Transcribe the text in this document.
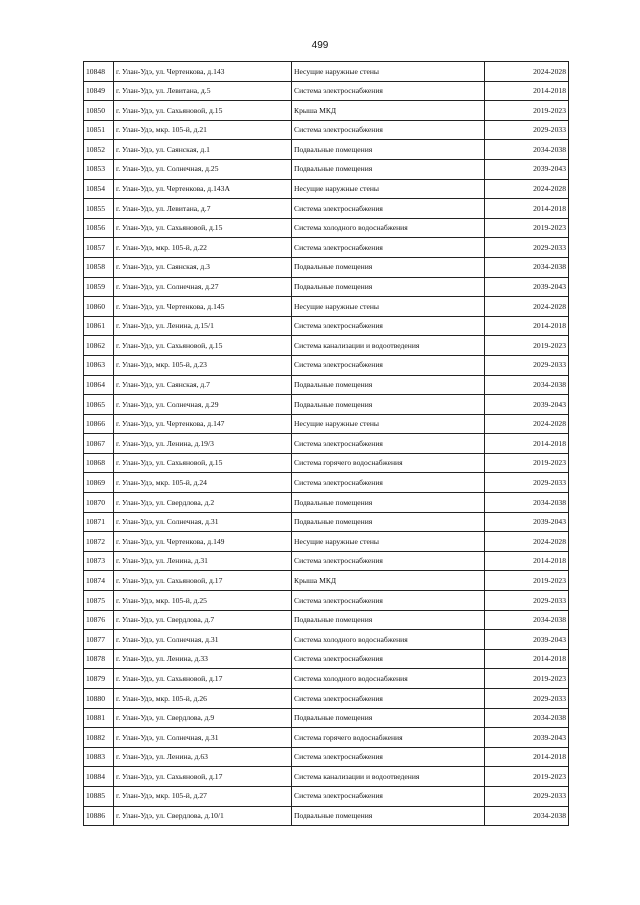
499
10848	г. Улан-Удэ, ул. Чертенкова, д.143	Несущие наружные стены	2024-2028
10849	г. Улан-Удэ, ул. Левитана, д.5	Система электроснабжения	2014-2018
10850	г. Улан-Удэ, ул. Сахьяновой, д.15	Крыша МКД	2019-2023
10851	г. Улан-Удэ, мкр. 105-й, д.21	Система электроснабжения	2029-2033
10852	г. Улан-Удэ, ул. Саянская, д.1	Подвальные помещения	2034-2038
10853	г. Улан-Удэ, ул. Солнечная, д.25	Подвальные помещения	2039-2043
10854	г. Улан-Удэ, ул. Чертенкова, д.143А	Несущие наружные стены	2024-2028
10855	г. Улан-Удэ, ул. Левитана, д.7	Система электроснабжения	2014-2018
10856	г. Улан-Удэ, ул. Сахьяновой, д.15	Система холодного водоснабжения	2019-2023
10857	г. Улан-Удэ, мкр. 105-й, д.22	Система электроснабжения	2029-2033
10858	г. Улан-Удэ, ул. Саянская, д.3	Подвальные помещения	2034-2038
10859	г. Улан-Удэ, ул. Солнечная, д.27	Подвальные помещения	2039-2043
10860	г. Улан-Удэ, ул. Чертенкова, д.145	Несущие наружные стены	2024-2028
10861	г. Улан-Удэ, ул. Ленина, д.15/1	Система электроснабжения	2014-2018
10862	г. Улан-Удэ, ул. Сахьяновой, д.15	Система канализации и водоотведения	2019-2023
10863	г. Улан-Удэ, мкр. 105-й, д.23	Система электроснабжения	2029-2033
10864	г. Улан-Удэ, ул. Саянская, д.7	Подвальные помещения	2034-2038
10865	г. Улан-Удэ, ул. Солнечная, д.29	Подвальные помещения	2039-2043
10866	г. Улан-Удэ, ул. Чертенкова, д.147	Несущие наружные стены	2024-2028
10867	г. Улан-Удэ, ул. Ленина, д.19/3	Система электроснабжения	2014-2018
10868	г. Улан-Удэ, ул. Сахьяновой, д.15	Система горячего водоснабжения	2019-2023
10869	г. Улан-Удэ, мкр. 105-й, д.24	Система электроснабжения	2029-2033
10870	г. Улан-Удэ, ул. Свердлова, д.2	Подвальные помещения	2034-2038
10871	г. Улан-Удэ, ул. Солнечная, д.31	Подвальные помещения	2039-2043
10872	г. Улан-Удэ, ул. Чертенкова, д.149	Несущие наружные стены	2024-2028
10873	г. Улан-Удэ, ул. Ленина, д.31	Система электроснабжения	2014-2018
10874	г. Улан-Удэ, ул. Сахьяновой, д.17	Крыша МКД	2019-2023
10875	г. Улан-Удэ, мкр. 105-й, д.25	Система электроснабжения	2029-2033
10876	г. Улан-Удэ, ул. Свердлова, д.7	Подвальные помещения	2034-2038
10877	г. Улан-Удэ, ул. Солнечная, д.31	Система холодного водоснабжения	2039-2043
10878	г. Улан-Удэ, ул. Ленина, д.33	Система электроснабжения	2014-2018
10879	г. Улан-Удэ, ул. Сахьяновой, д.17	Система холодного водоснабжения	2019-2023
10880	г. Улан-Удэ, мкр. 105-й, д.26	Система электроснабжения	2029-2033
10881	г. Улан-Удэ, ул. Свердлова, д.9	Подвальные помещения	2034-2038
10882	г. Улан-Удэ, ул. Солнечная, д.31	Система горячего водоснабжения	2039-2043
10883	г. Улан-Удэ, ул. Ленина, д.63	Система электроснабжения	2014-2018
10884	г. Улан-Удэ, ул. Сахьяновой, д.17	Система канализации и водоотведения	2019-2023
10885	г. Улан-Удэ, мкр. 105-й, д.27	Система электроснабжения	2029-2033
10886	г. Улан-Удэ, ул. Свердлова, д.10/1	Подвальные помещения	2034-2038
